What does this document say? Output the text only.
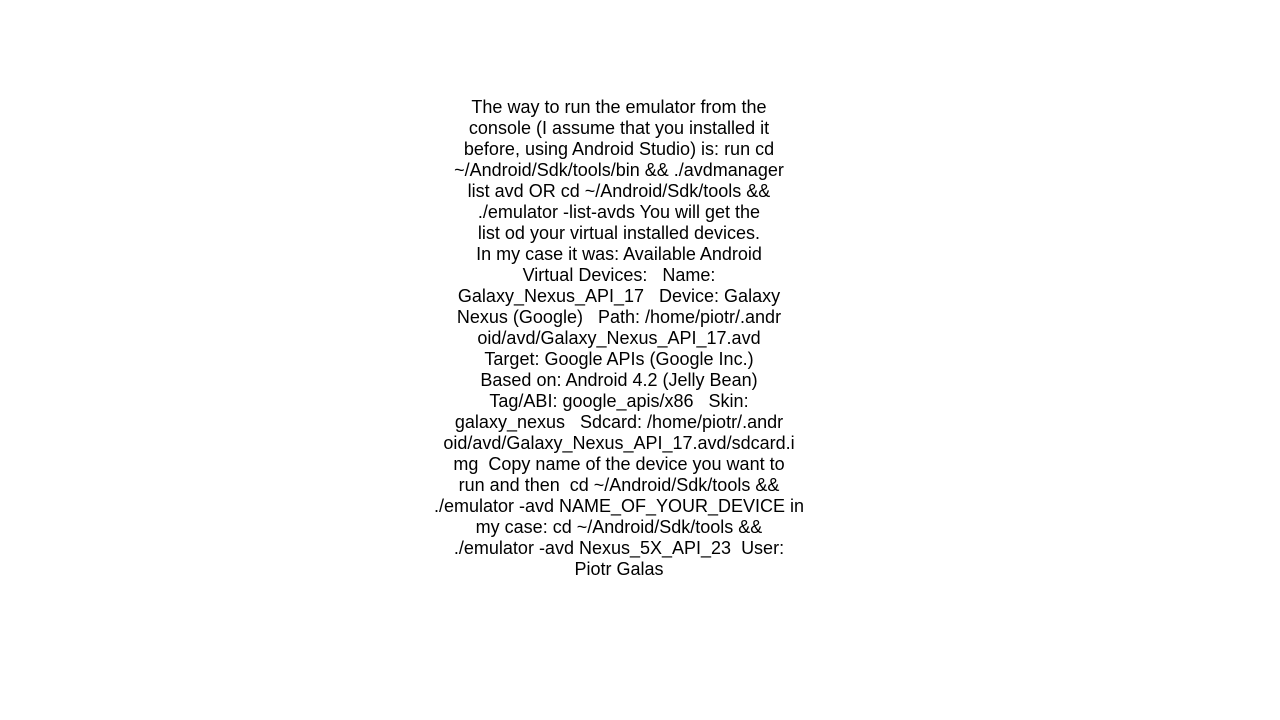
The way to run the emulator from the
console (I assume that you installed it
before, using Android Studio) is: run cd
~/Android/Sdk/tools/bin && ./avdmanager
list avd OR cd ~/Android/Sdk/tools &&
./emulator -list-avds You will get the
list od your virtual installed devices.
In my case it was: Available Android
Virtual Devices:   Name:
Galaxy_Nexus_API_17   Device: Galaxy
Nexus (Google)   Path: /home/piotr/.andr
oid/avd/Galaxy_Nexus_API_17.avd
Target: Google APIs (Google Inc.)
Based on: Android 4.2 (Jelly Bean)
Tag/ABI: google_apis/x86   Skin:
galaxy_nexus   Sdcard: /home/piotr/.andr
oid/avd/Galaxy_Nexus_API_17.avd/sdcard.i
mg  Copy name of the device you want to
run and then  cd ~/Android/Sdk/tools &&
./emulator -avd NAME_OF_YOUR_DEVICE in
my case: cd ~/Android/Sdk/tools &&
./emulator -avd Nexus_5X_API_23  User:
Piotr Galas
